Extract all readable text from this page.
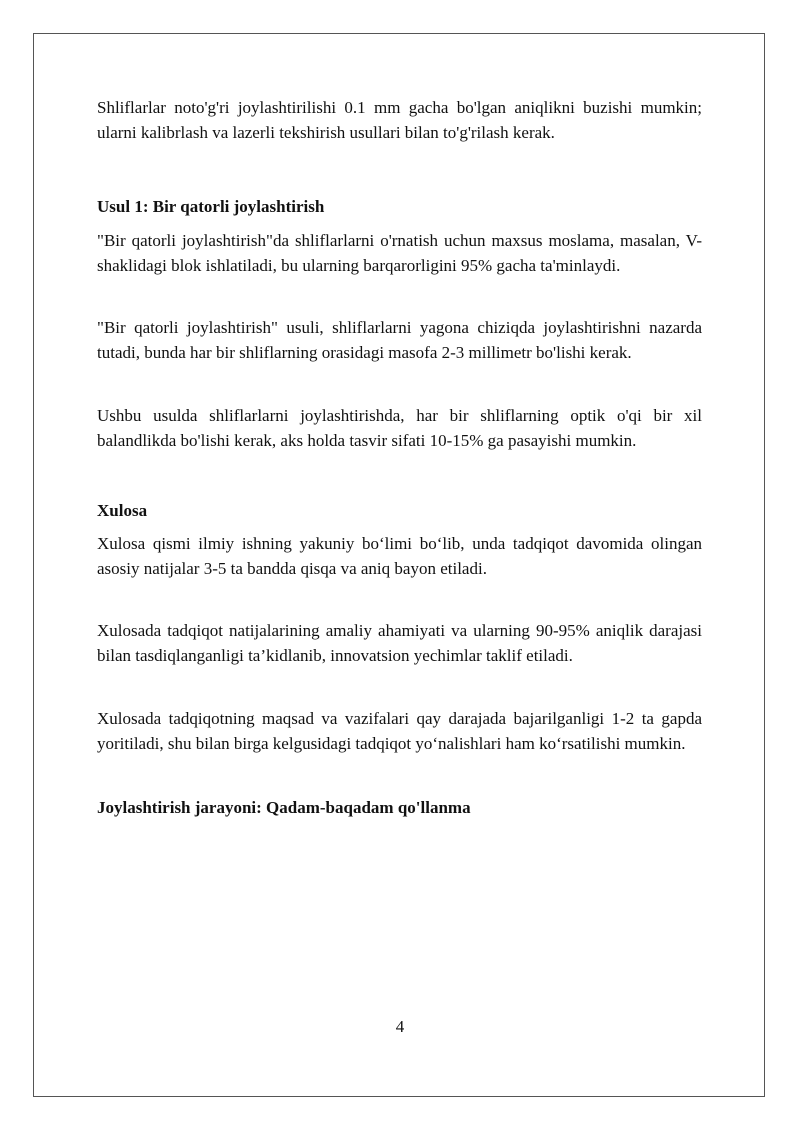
Shliflarlar noto'g'ri joylashtirilishi 0.1 mm gacha bo'lgan aniqlikni buzishi mumkin; ularni kalibrlash va lazerli tekshirish usullari bilan to'g'rilash kerak.

Usul 1: Bir qatorli joylashtirish

"Bir qatorli joylashtirish"da shliflarlarni o'rnatish uchun maxsus moslama, masalan, V-shaklidagi blok ishlatiladi, bu ularning barqarorligini 95% gacha ta'minlaydi.

"Bir qatorli joylashtirish" usuli, shliflarlarni yagona chiziqda joylashtirishni nazarda tutadi, bunda har bir shliflarning orasidagi masofa 2-3 millimetr bo'lishi kerak.

Ushbu usulda shliflarlarni joylashtirishda, har bir shliflarning optik o'qi bir xil balandlikda bo'lishi kerak, aks holda tasvir sifati 10-15% ga pasayishi mumkin.

Xulosa

Xulosa qismi ilmiy ishning yakuniy bo‘limi bo‘lib, unda tadqiqot davomida olingan asosiy natijalar 3-5 ta bandda qisqa va aniq bayon etiladi.

Xulosada tadqiqot natijalarining amaliy ahamiyati va ularning 90-95% aniqlik darajasi bilan tasdiqlanganligi ta’kidlanib, innovatsion yechimlar taklif etiladi.

Xulosada tadqiqotning maqsad va vazifalari qay darajada bajarilganligi 1-2 ta gapda yoritiladi, shu bilan birga kelgusidagi tadqiqot yo‘nalishlari ham ko‘rsatilishi mumkin.

Joylashtirish jarayoni: Qadam-baqadam qo'llanma
4
